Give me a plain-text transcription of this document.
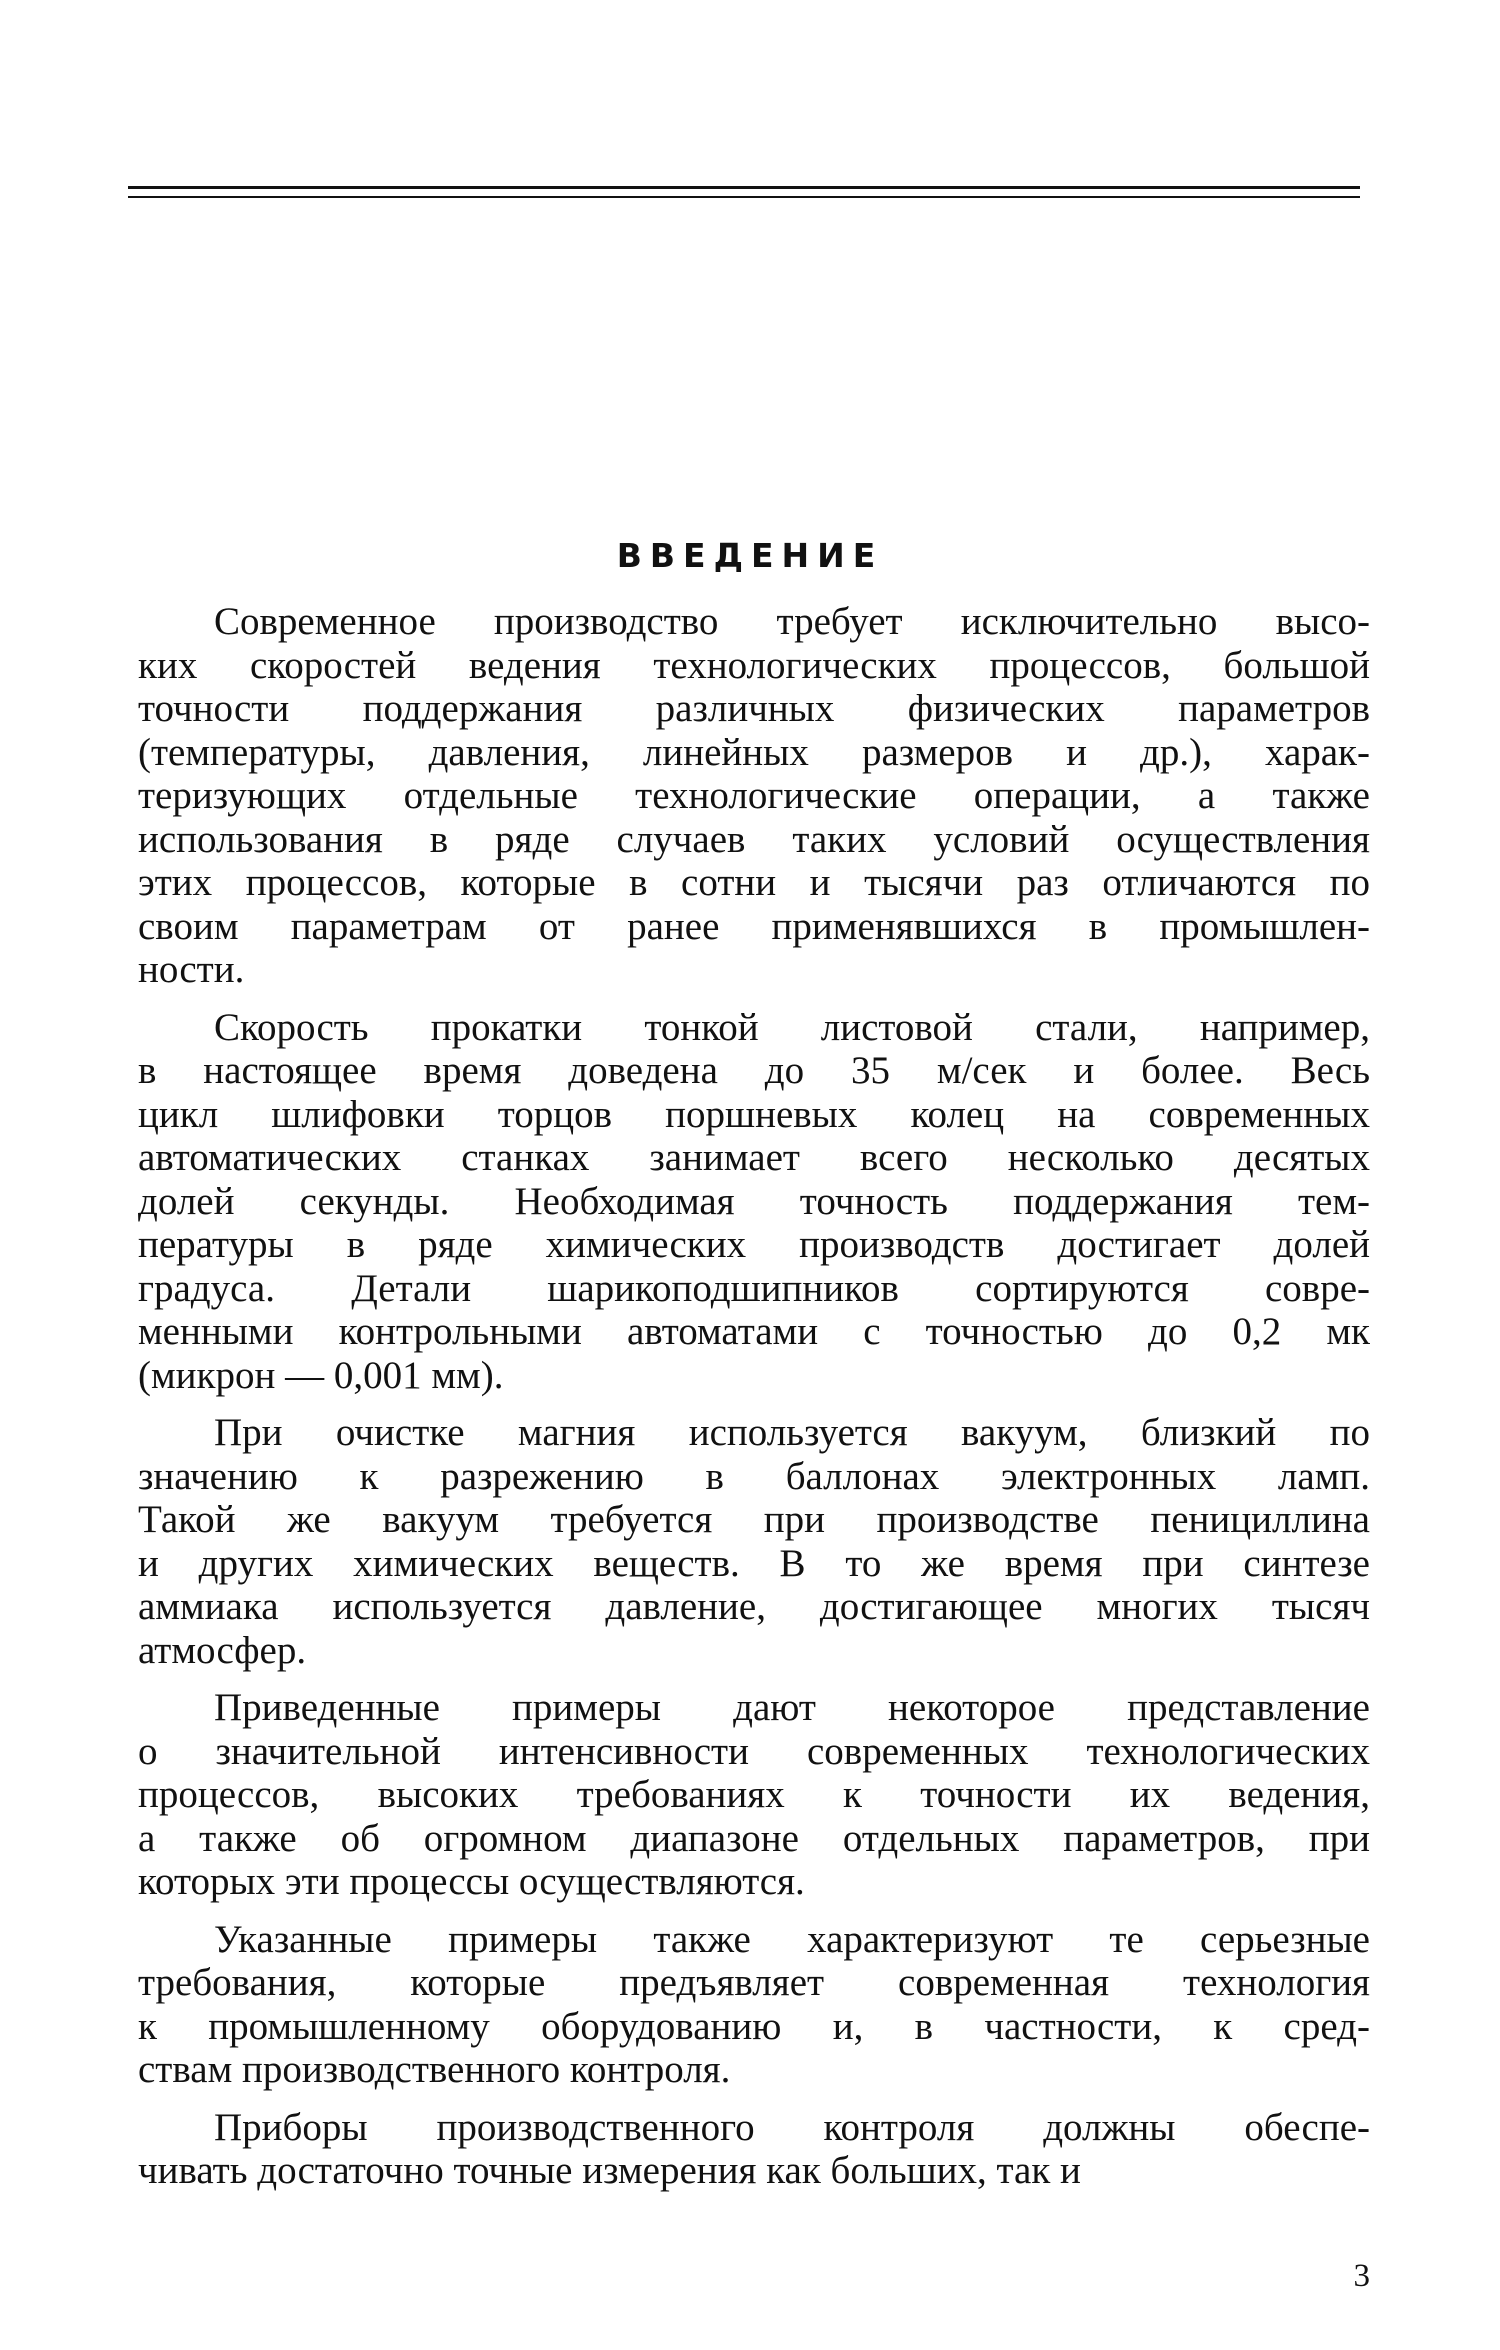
ВВЕДЕНИЕ

Современное производство требует исключительно высо-
ких скоростей ведения технологических процессов, большой
точности поддержания различных физических параметров
(температуры, давления, линейных размеров и др.), харак-
теризующих отдельные технологические операции, а также
использования в ряде случаев таких условий осуществления
этих процессов, которые в сотни и тысячи раз отличаются по
своим параметрам от ранее применявшихся в промышлен-
ности.

Скорость прокатки тонкой листовой стали, например,
в настоящее время доведена до 35 м/сек и более. Весь
цикл шлифовки торцов поршневых колец на современных
автоматических станках занимает всего несколько десятых
долей секунды. Необходимая точность поддержания тем-
пературы в ряде химических производств достигает долей
градуса. Детали шарикоподшипников сортируются совре-
менными контрольными автоматами с точностью до 0,2 мк
(микрон — 0,001 мм).

При очистке магния используется вакуум, близкий по
значению к разрежению в баллонах электронных ламп.
Такой же вакуум требуется при производстве пенициллина
и других химических веществ. В то же время при синтезе
аммиака используется давление, достигающее многих тысяч
атмосфер.

Приведенные примеры дают некоторое представление
о значительной интенсивности современных технологических
процессов, высоких требованиях к точности их ведения,
а также об огромном диапазоне отдельных параметров, при
которых эти процессы осуществляются.

Указанные примеры также характеризуют те серьезные
требования, которые предъявляет современная технология
к промышленному оборудованию и, в частности, к сред-
ствам производственного контроля.

Приборы производственного контроля должны обеспе-
чивать достаточно точные измерения как больших, так и

3
